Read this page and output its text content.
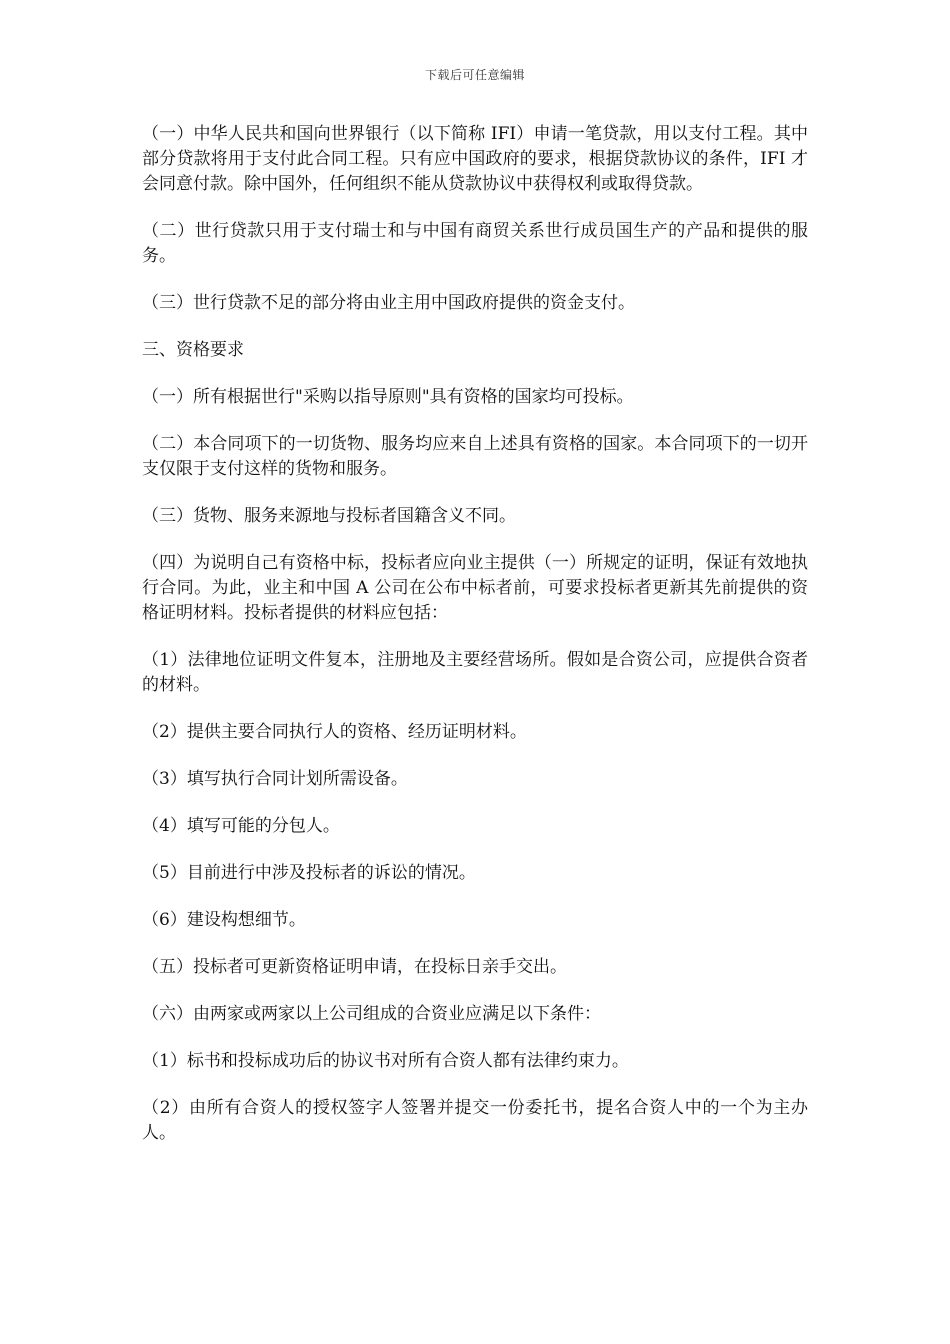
下载后可任意编辑

（一）中华人民共和国向世界银行（以下简称 IFI）申请一笔贷款，用以支付工程。其中部分贷款将用于支付此合同工程。只有应中国政府的要求，根据贷款协议的条件，IFI 才会同意付款。除中国外，任何组织不能从贷款协议中获得权利或取得贷款。

（二）世行贷款只用于支付瑞士和与中国有商贸关系世行成员国生产的产品和提供的服务。

（三）世行贷款不足的部分将由业主用中国政府提供的资金支付。

三、资格要求

（一）所有根据世行"采购以指导原则"具有资格的国家均可投标。

（二）本合同项下的一切货物、服务均应来自上述具有资格的国家。本合同项下的一切开支仅限于支付这样的货物和服务。

（三）货物、服务来源地与投标者国籍含义不同。

（四）为说明自己有资格中标，投标者应向业主提供（一）所规定的证明，保证有效地执行合同。为此，业主和中国 A 公司在公布中标者前，可要求投标者更新其先前提供的资格证明材料。投标者提供的材料应包括：

（1）法律地位证明文件复本，注册地及主要经营场所。假如是合资公司，应提供合资者的材料。

（2）提供主要合同执行人的资格、经历证明材料。

（3）填写执行合同计划所需设备。

（4）填写可能的分包人。

（5）目前进行中涉及投标者的诉讼的情况。

（6）建设构想细节。

（五）投标者可更新资格证明申请，在投标日亲手交出。

（六）由两家或两家以上公司组成的合资业应满足以下条件：

（1）标书和投标成功后的协议书对所有合资人都有法律约束力。

（2）由所有合资人的授权签字人签署并提交一份委托书，提名合资人中的一个为主办人。
